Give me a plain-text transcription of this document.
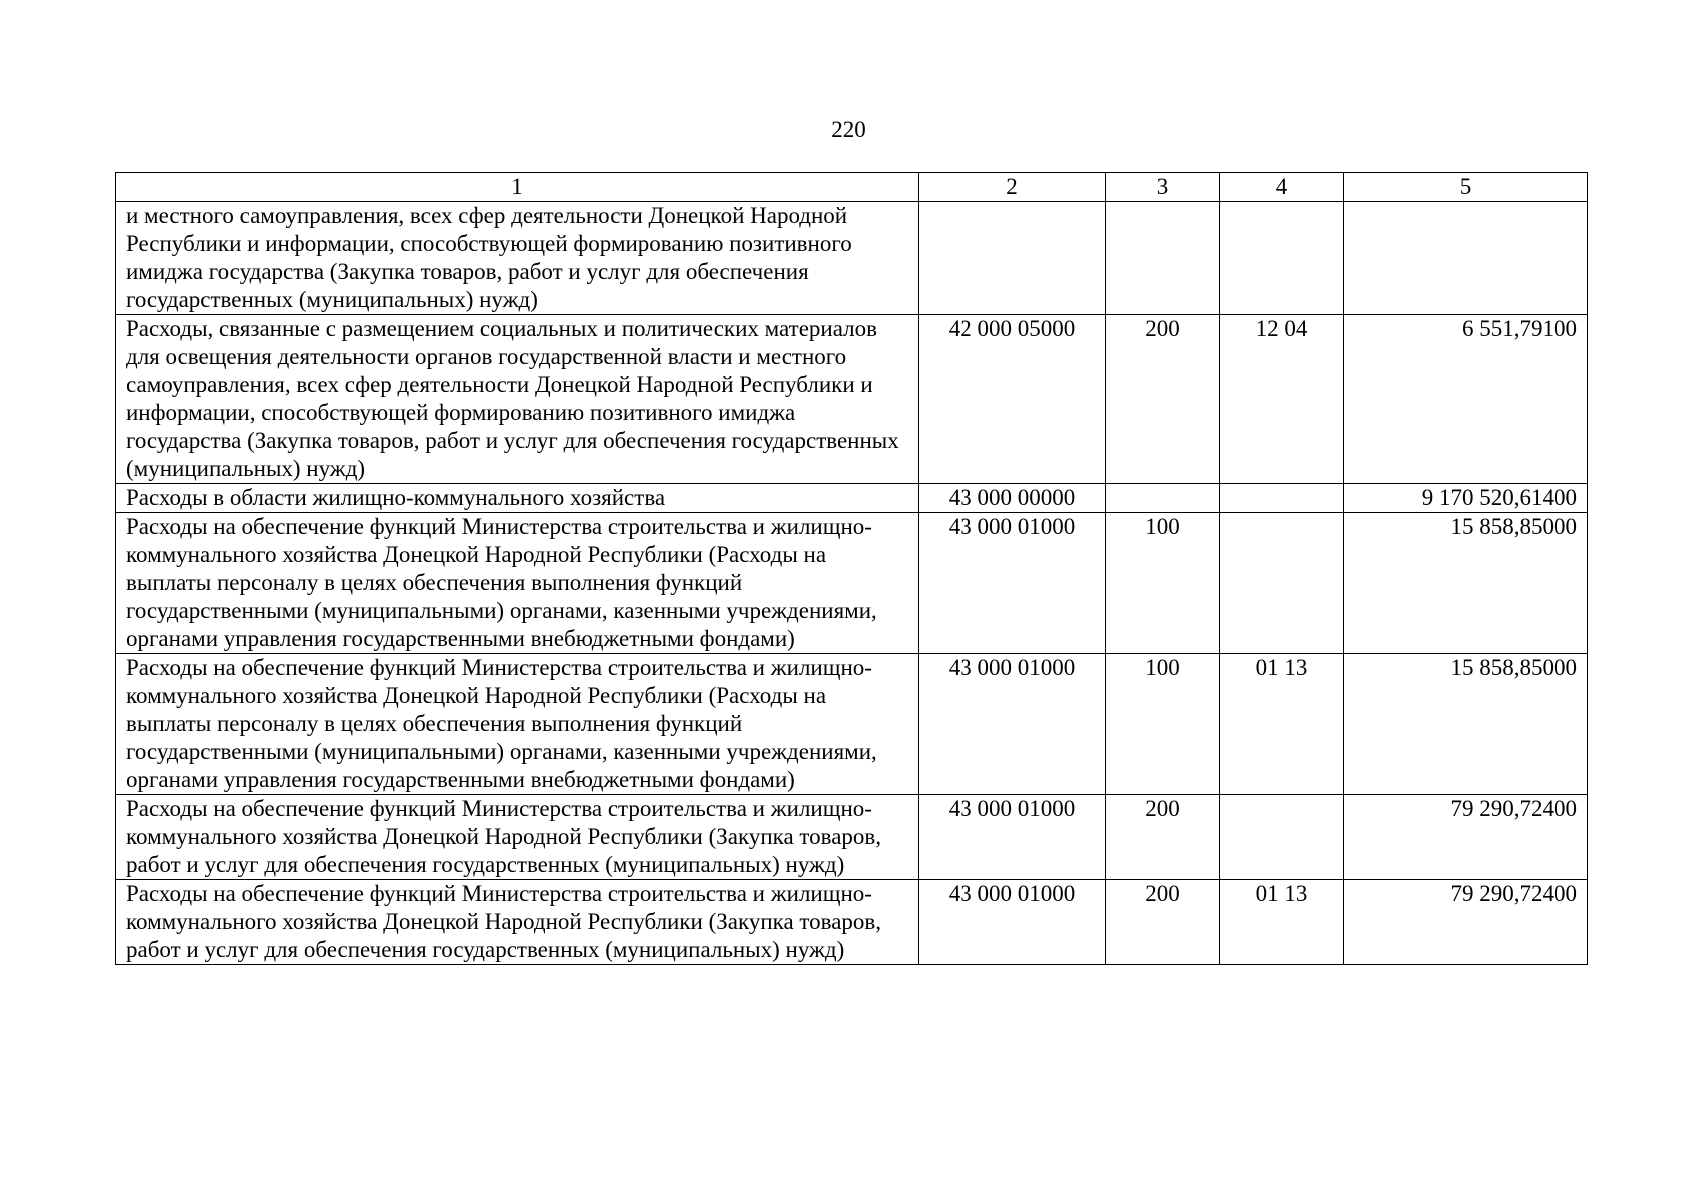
220
1	2	3	4	5
и местного самоуправления, всех сфер деятельности Донецкой Народной Республики и информации, способствующей формированию позитивного имиджа государства (Закупка товаров, работ и услуг для обеспечения государственных (муниципальных) нужд)				
Расходы, связанные с размещением социальных и политических материалов для освещения деятельности органов государственной власти и местного самоуправления, всех сфер деятельности Донецкой Народной Республики и информации, способствующей формированию позитивного имиджа государства (Закупка товаров, работ и услуг для обеспечения государственных (муниципальных) нужд)	42 000 05000	200	12 04	6 551,79100
Расходы в области жилищно-коммунального хозяйства	43 000 00000			9 170 520,61400
Расходы на обеспечение функций Министерства строительства и жилищно-коммунального хозяйства Донецкой Народной Республики (Расходы на выплаты персоналу в целях обеспечения выполнения функций государственными (муниципальными) органами, казенными учреждениями, органами управления государственными внебюджетными фондами)	43 000 01000	100		15 858,85000
Расходы на обеспечение функций Министерства строительства и жилищно-коммунального хозяйства Донецкой Народной Республики (Расходы на выплаты персоналу в целях обеспечения выполнения функций государственными (муниципальными) органами, казенными учреждениями, органами управления государственными внебюджетными фондами)	43 000 01000	100	01 13	15 858,85000
Расходы на обеспечение функций Министерства строительства и жилищно-коммунального хозяйства Донецкой Народной Республики (Закупка товаров, работ и услуг для обеспечения государственных (муниципальных) нужд)	43 000 01000	200		79 290,72400
Расходы на обеспечение функций Министерства строительства и жилищно-коммунального хозяйства Донецкой Народной Республики (Закупка товаров, работ и услуг для обеспечения государственных (муниципальных) нужд)	43 000 01000	200	01 13	79 290,72400
